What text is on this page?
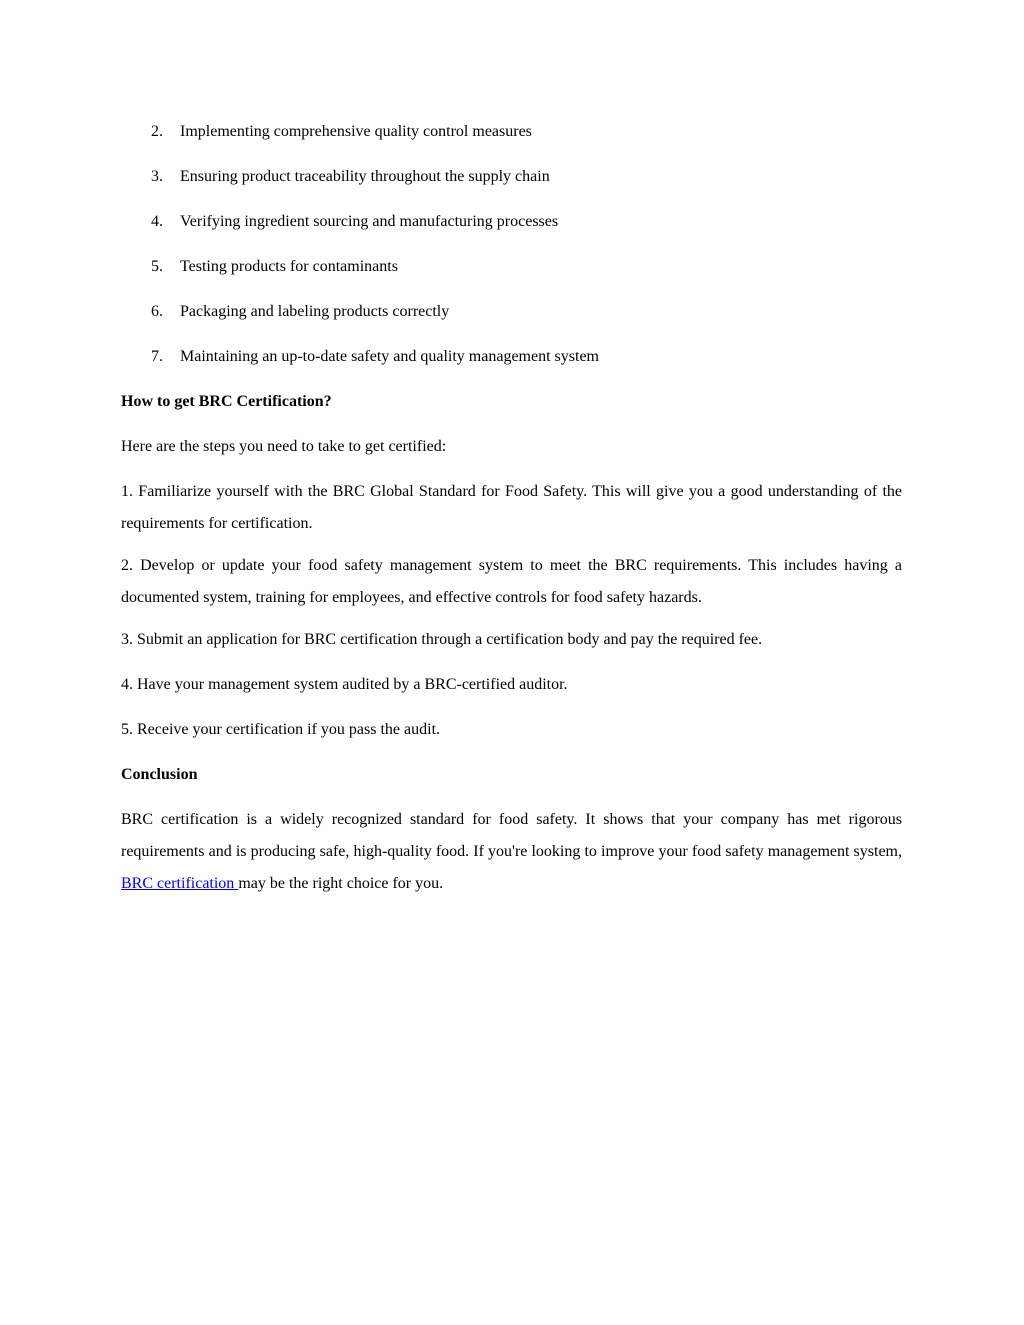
2. Implementing comprehensive quality control measures
3. Ensuring product traceability throughout the supply chain
4. Verifying ingredient sourcing and manufacturing processes
5. Testing products for contaminants
6. Packaging and labeling products correctly
7. Maintaining an up-to-date safety and quality management system
How to get BRC Certification?

Here are the steps you need to take to get certified:

1. Familiarize yourself with the BRC Global Standard for Food Safety. This will give you a good understanding of the requirements for certification.

2. Develop or update your food safety management system to meet the BRC requirements. This includes having a documented system, training for employees, and effective controls for food safety hazards.

3. Submit an application for BRC certification through a certification body and pay the required fee.

4. Have your management system audited by a BRC-certified auditor.

5. Receive your certification if you pass the audit.

Conclusion

BRC certification is a widely recognized standard for food safety. It shows that your company has met rigorous requirements and is producing safe, high-quality food. If you're looking to improve your food safety management system, BRC certification may be the right choice for you.
